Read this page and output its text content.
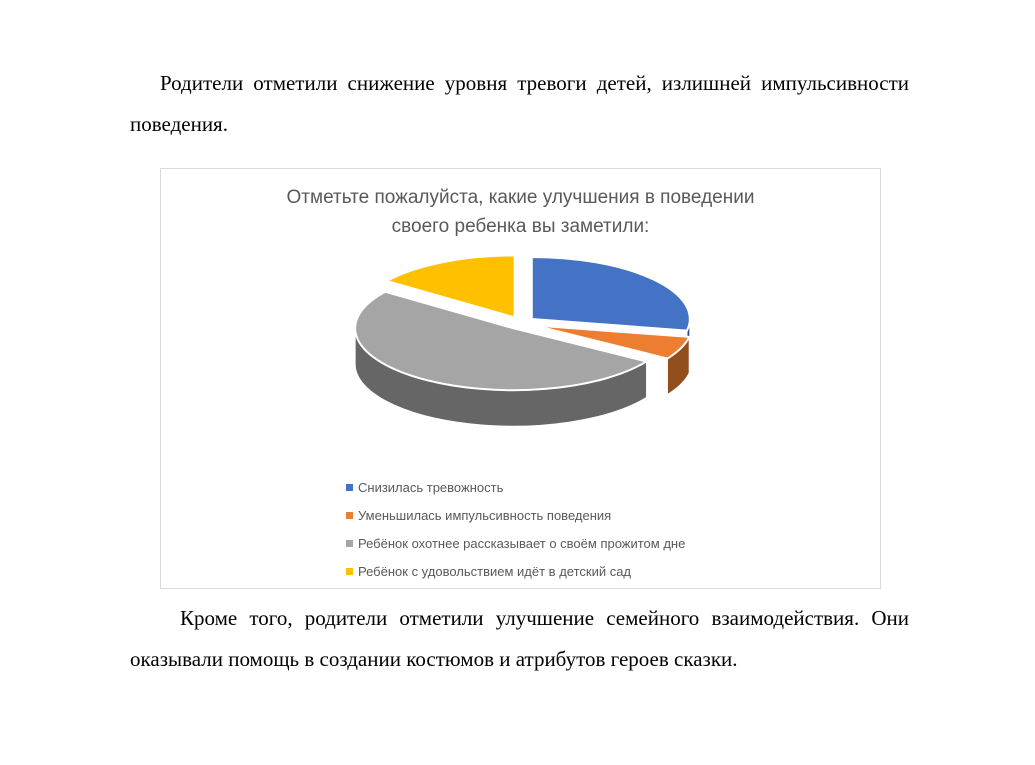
Родители отметили снижение уровня тревоги детей, излишней импульсивности поведения.

Отметьте пожалуйста, какие улучшения в поведении
своего ребенка вы заметили:
Снизилась тревожность
Уменьшилась импульсивность поведения
Ребёнок охотнее рассказывает о своём прожитом дне
Ребёнок с удовольствием идёт в детский сад

Кроме того, родители отметили улучшение семейного взаимодействия. Они оказывали помощь в создании костюмов и атрибутов героев сказки.
